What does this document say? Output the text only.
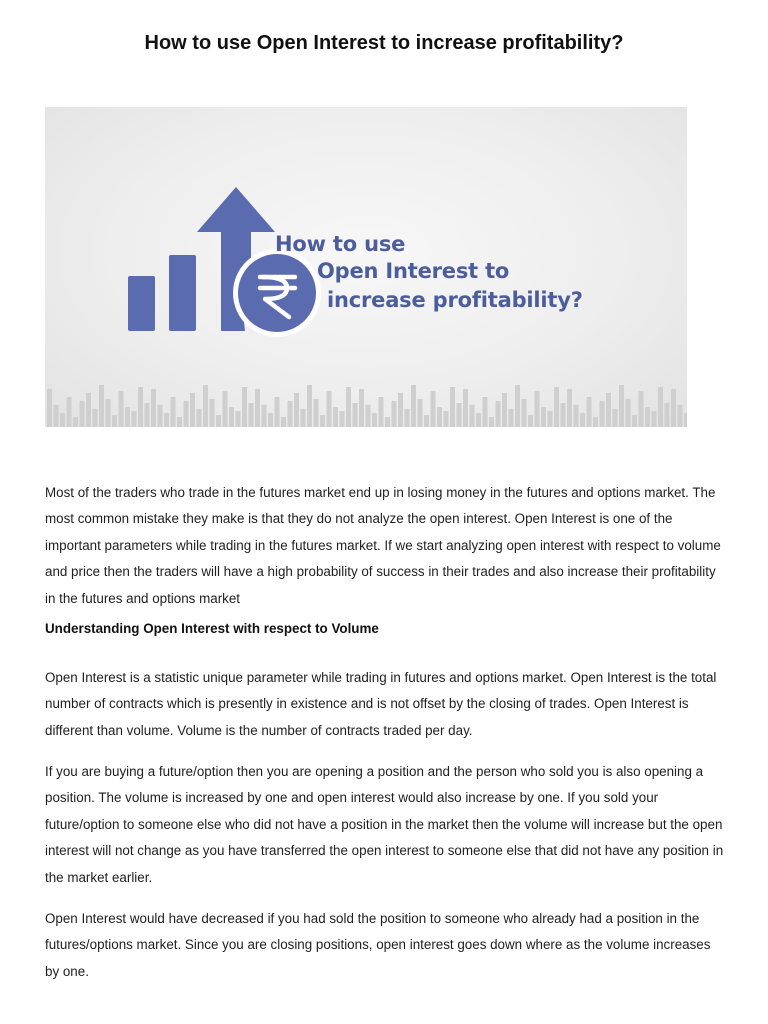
How to use Open Interest to increase profitability?
How to use
Open Interest to
increase profitability?

Most of the traders who trade in the futures market end up in losing money in the futures and options market. The most common mistake they make is that they do not analyze the open interest. Open Interest is one of the important parameters while trading in the futures market. If we start analyzing open interest with respect to volume and price then the traders will have a high probability of success in their trades and also increase their profitability in the futures and options market

Understanding Open Interest with respect to Volume

Open Interest is a statistic unique parameter while trading in futures and options market. Open Interest is the total number of contracts which is presently in existence and is not offset by the closing of trades. Open Interest is different than volume. Volume is the number of contracts traded per day.

If you are buying a future/option then you are opening a position and the person who sold you is also opening a position. The volume is increased by one and open interest would also increase by one. If you sold your future/option to someone else who did not have a position in the market then the volume will increase but the open interest will not change as you have transferred the open interest to someone else that did not have any position in the market earlier.

Open Interest would have decreased if you had sold the position to someone who already had a position in the futures/options market. Since you are closing positions, open interest goes down where as the volume increases by one.
